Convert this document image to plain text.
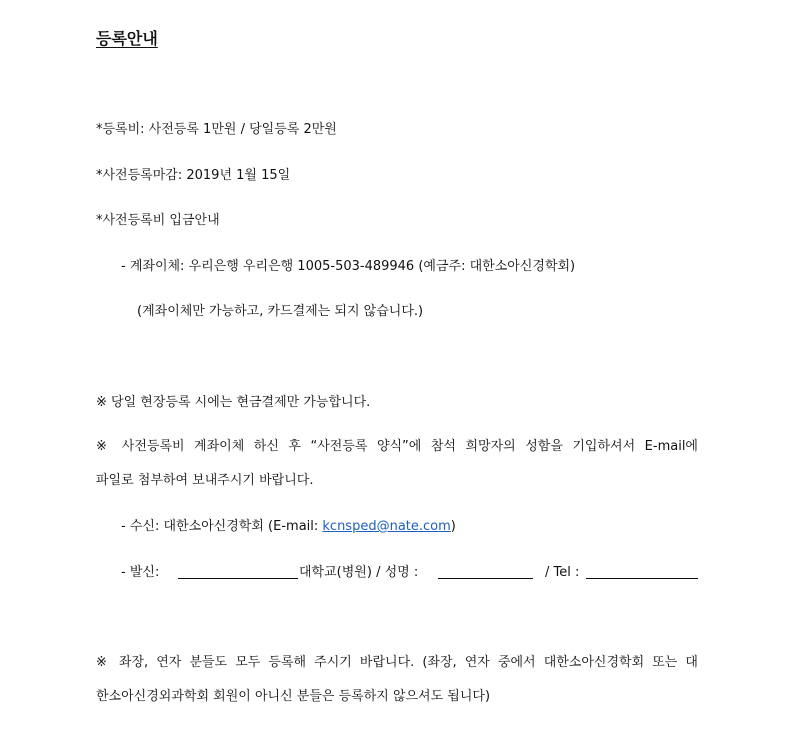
등록안내
*등록비: 사전등록 1만원 / 당일등록 2만원
*사전등록마감: 2019년 1월 15일
*사전등록비 입금안내
- 계좌이체: 우리은행 우리은행 1005-503-489946 (예금주: 대한소아신경학회)
(계좌이체만 가능하고, 카드결제는 되지 않습니다.)
※ 당일 현장등록 시에는 현금결제만 가능합니다.
※ 사전등록비 계좌이체 하신 후 “사전등록 양식”에 참석 희망자의 성함을 기입하셔서 E-mail에
파일로 첨부하여 보내주시기 바랍니다.
- 수신: 대한소아신경학회 (E-mail: kcnsped@nate.com)
- 발신:	대학교(병원) / 성명 :	/ Tel :
※ 좌장, 연자 분들도 모두 등록해 주시기 바랍니다. (좌장, 연자 중에서 대한소아신경학회 또는 대
한소아신경외과학회 회원이 아니신 분들은 등록하지 않으셔도 됩니다)
